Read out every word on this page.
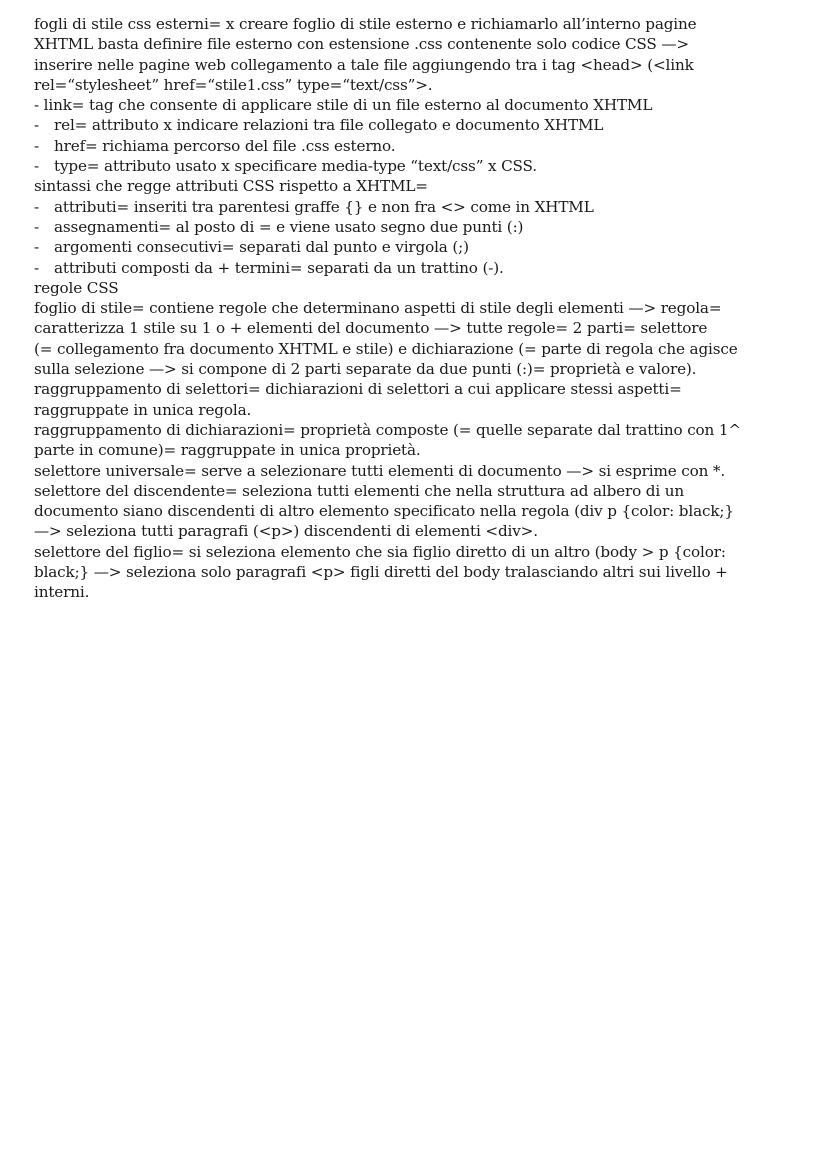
fogli di stile css esterni= x creare foglio di stile esterno e richiamarlo all’interno pagine
XHTML basta definire file esterno con estensione .css contenente solo codice CSS —>
inserire nelle pagine web collegamento a tale file aggiungendo tra i tag <head> (<link
rel=“stylesheet” href=“stile1.css” type=“text/css”>.
- link= tag che consente di applicare stile di un file esterno al documento XHTML
- rel= attributo x indicare relazioni tra file collegato e documento XHTML
- href= richiama percorso del file .css esterno.
- type= attributo usato x specificare media-type “text/css” x CSS.
sintassi che regge attributi CSS rispetto a XHTML=
- attributi= inseriti tra parentesi graffe {} e non fra <> come in XHTML
- assegnamenti= al posto di = e viene usato segno due punti (:)
- argomenti consecutivi= separati dal punto e virgola (;)
- attributi composti da + termini= separati da un trattino (-).
regole CSS
foglio di stile= contiene regole che determinano aspetti di stile degli elementi —> regola=
caratterizza 1 stile su 1 o + elementi del documento —> tutte regole= 2 parti= selettore
(= collegamento fra documento XHTML e stile) e dichiarazione (= parte di regola che agisce
sulla selezione —> si compone di 2 parti separate da due punti (:)= proprietà e valore).
raggruppamento di selettori= dichiarazioni di selettori a cui applicare stessi aspetti=
raggruppate in unica regola.
raggruppamento di dichiarazioni= proprietà composte (= quelle separate dal trattino con 1^
parte in comune)= raggruppate in unica proprietà.
selettore universale= serve a selezionare tutti elementi di documento —> si esprime con *.
selettore del discendente= seleziona tutti elementi che nella struttura ad albero di un
documento siano discendenti di altro elemento specificato nella regola (div p {color: black;}
—> seleziona tutti paragrafi (<p>) discendenti di elementi <div>.
selettore del figlio= si seleziona elemento che sia figlio diretto di un altro (body > p {color:
black;} —> seleziona solo paragrafi <p> figli diretti del body tralasciando altri sui livello +
interni.
